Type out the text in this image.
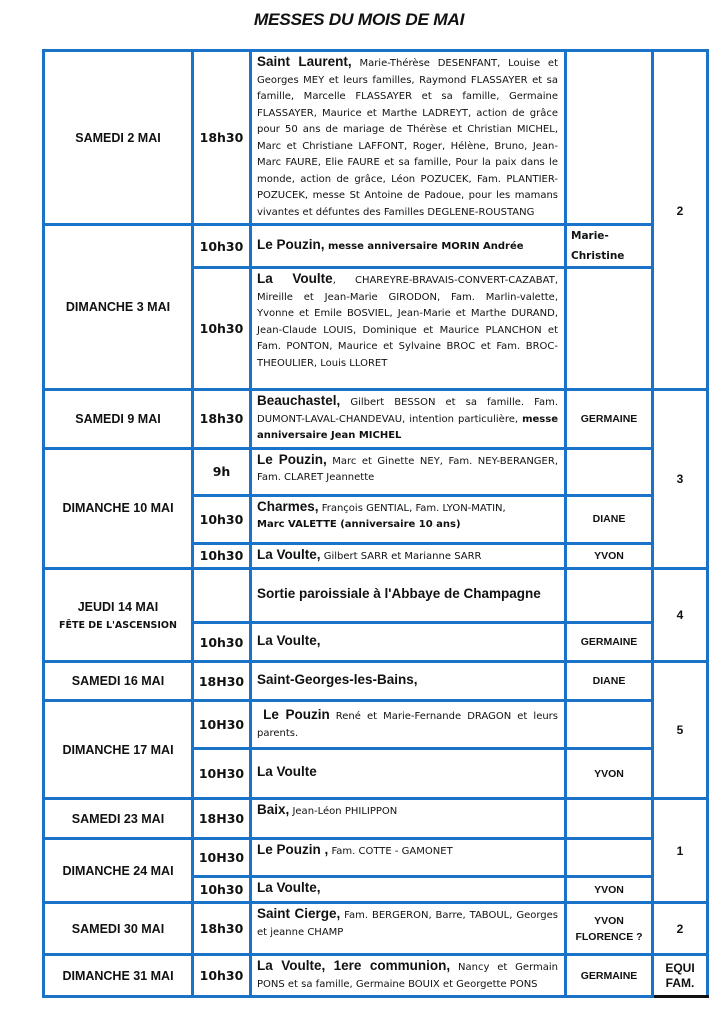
MESSES DU MOIS DE MAI
SAMEDI 2 MAI	18h30	Saint Laurent, Marie-Thérèse DESENFANT, Louise et Georges MEY et leurs familles, Raymond FLASSAYER et sa famille, Marcelle FLASSAYER et sa famille, Germaine FLASSAYER, Maurice et Marthe LADREYT, action de grâce pour 50 ans de mariage de Thérèse et Christian MICHEL, Marc et Christiane LAFFONT, Roger, Hélène, Bruno, Jean-Marc FAURE, Elie FAURE et sa famille, Pour la paix dans le monde, action de grâce, Léon POZUCEK, Fam. PLANTIER-POZUCEK, messe St Antoine de Padoue, pour les mamans vivantes et défuntes des Familles DEGLENE-ROUSTANG		2

DIMANCHE 3 MAI	10h30	Le Pouzin, messe anniversaire MORIN Andrée	Marie-Christine	
	10h30	La Voulte, CHAREYRE-BRAVAIS-CONVERT-CAZABAT, Mireille et Jean-Marie GIRODON, Fam. Marlin-valette, Yvonne et Emile BOSVIEL, Jean-Marie et Marthe DURAND, Jean-Claude LOUIS, Dominique et Maurice PLANCHON et Fam. PONTON, Maurice et Sylvaine BROC et Fam. BROC-THEOULIER, Louis LLORET		
SAMEDI 9 MAI	18h30	Beauchastel, Gilbert BESSON et sa famille. Fam. DUMONT-LAVAL-CHANDEVAU, intention particulière, messe anniversaire Jean MICHEL	GERMAINE	3
DIMANCHE 10 MAI	9h	Le Pouzin, Marc et Ginette NEY, Fam. NEY-BERANGER, Fam. CLARET Jeannette		
	10h30	Charmes, François GENTIAL, Fam. LYON-MATIN,
Marc VALETTE (anniversaire 10 ans)	DIANE	
	10h30	La Voulte, Gilbert SARR et Marianne SARR	YVON	
JEUDI 14 MAI
FÊTE DE L'ASCENSION		Sortie paroissiale à l'Abbaye de Champagne		4
	10h30	La Voulte,	GERMAINE	
SAMEDI 16 MAI	18H30	Saint-Georges-les-Bains,	DIANE	5
DIMANCHE 17 MAI	10H30	Le Pouzin René et Marie-Fernande DRAGON et leurs parents.		
	10H30	La Voulte	YVON	
SAMEDI 23 MAI	18H30	Baix, Jean-Léon PHILIPPON		1
DIMANCHE 24 MAI	10H30	Le Pouzin , Fam. COTTE - GAMONET		
	10h30	La Voulte,	YVON	
SAMEDI 30 MAI	18h30	Saint Cierge, Fam. BERGERON, Barre, TABOUL, Georges et jeanne CHAMP	YVON
FLORENCE ?	2
DIMANCHE 31 MAI	10h30	La Voulte, 1ere communion, Nancy et Germain PONS et sa famille, Germaine BOUIX et Georgette PONS	GERMAINE	EQUI
FAM.
